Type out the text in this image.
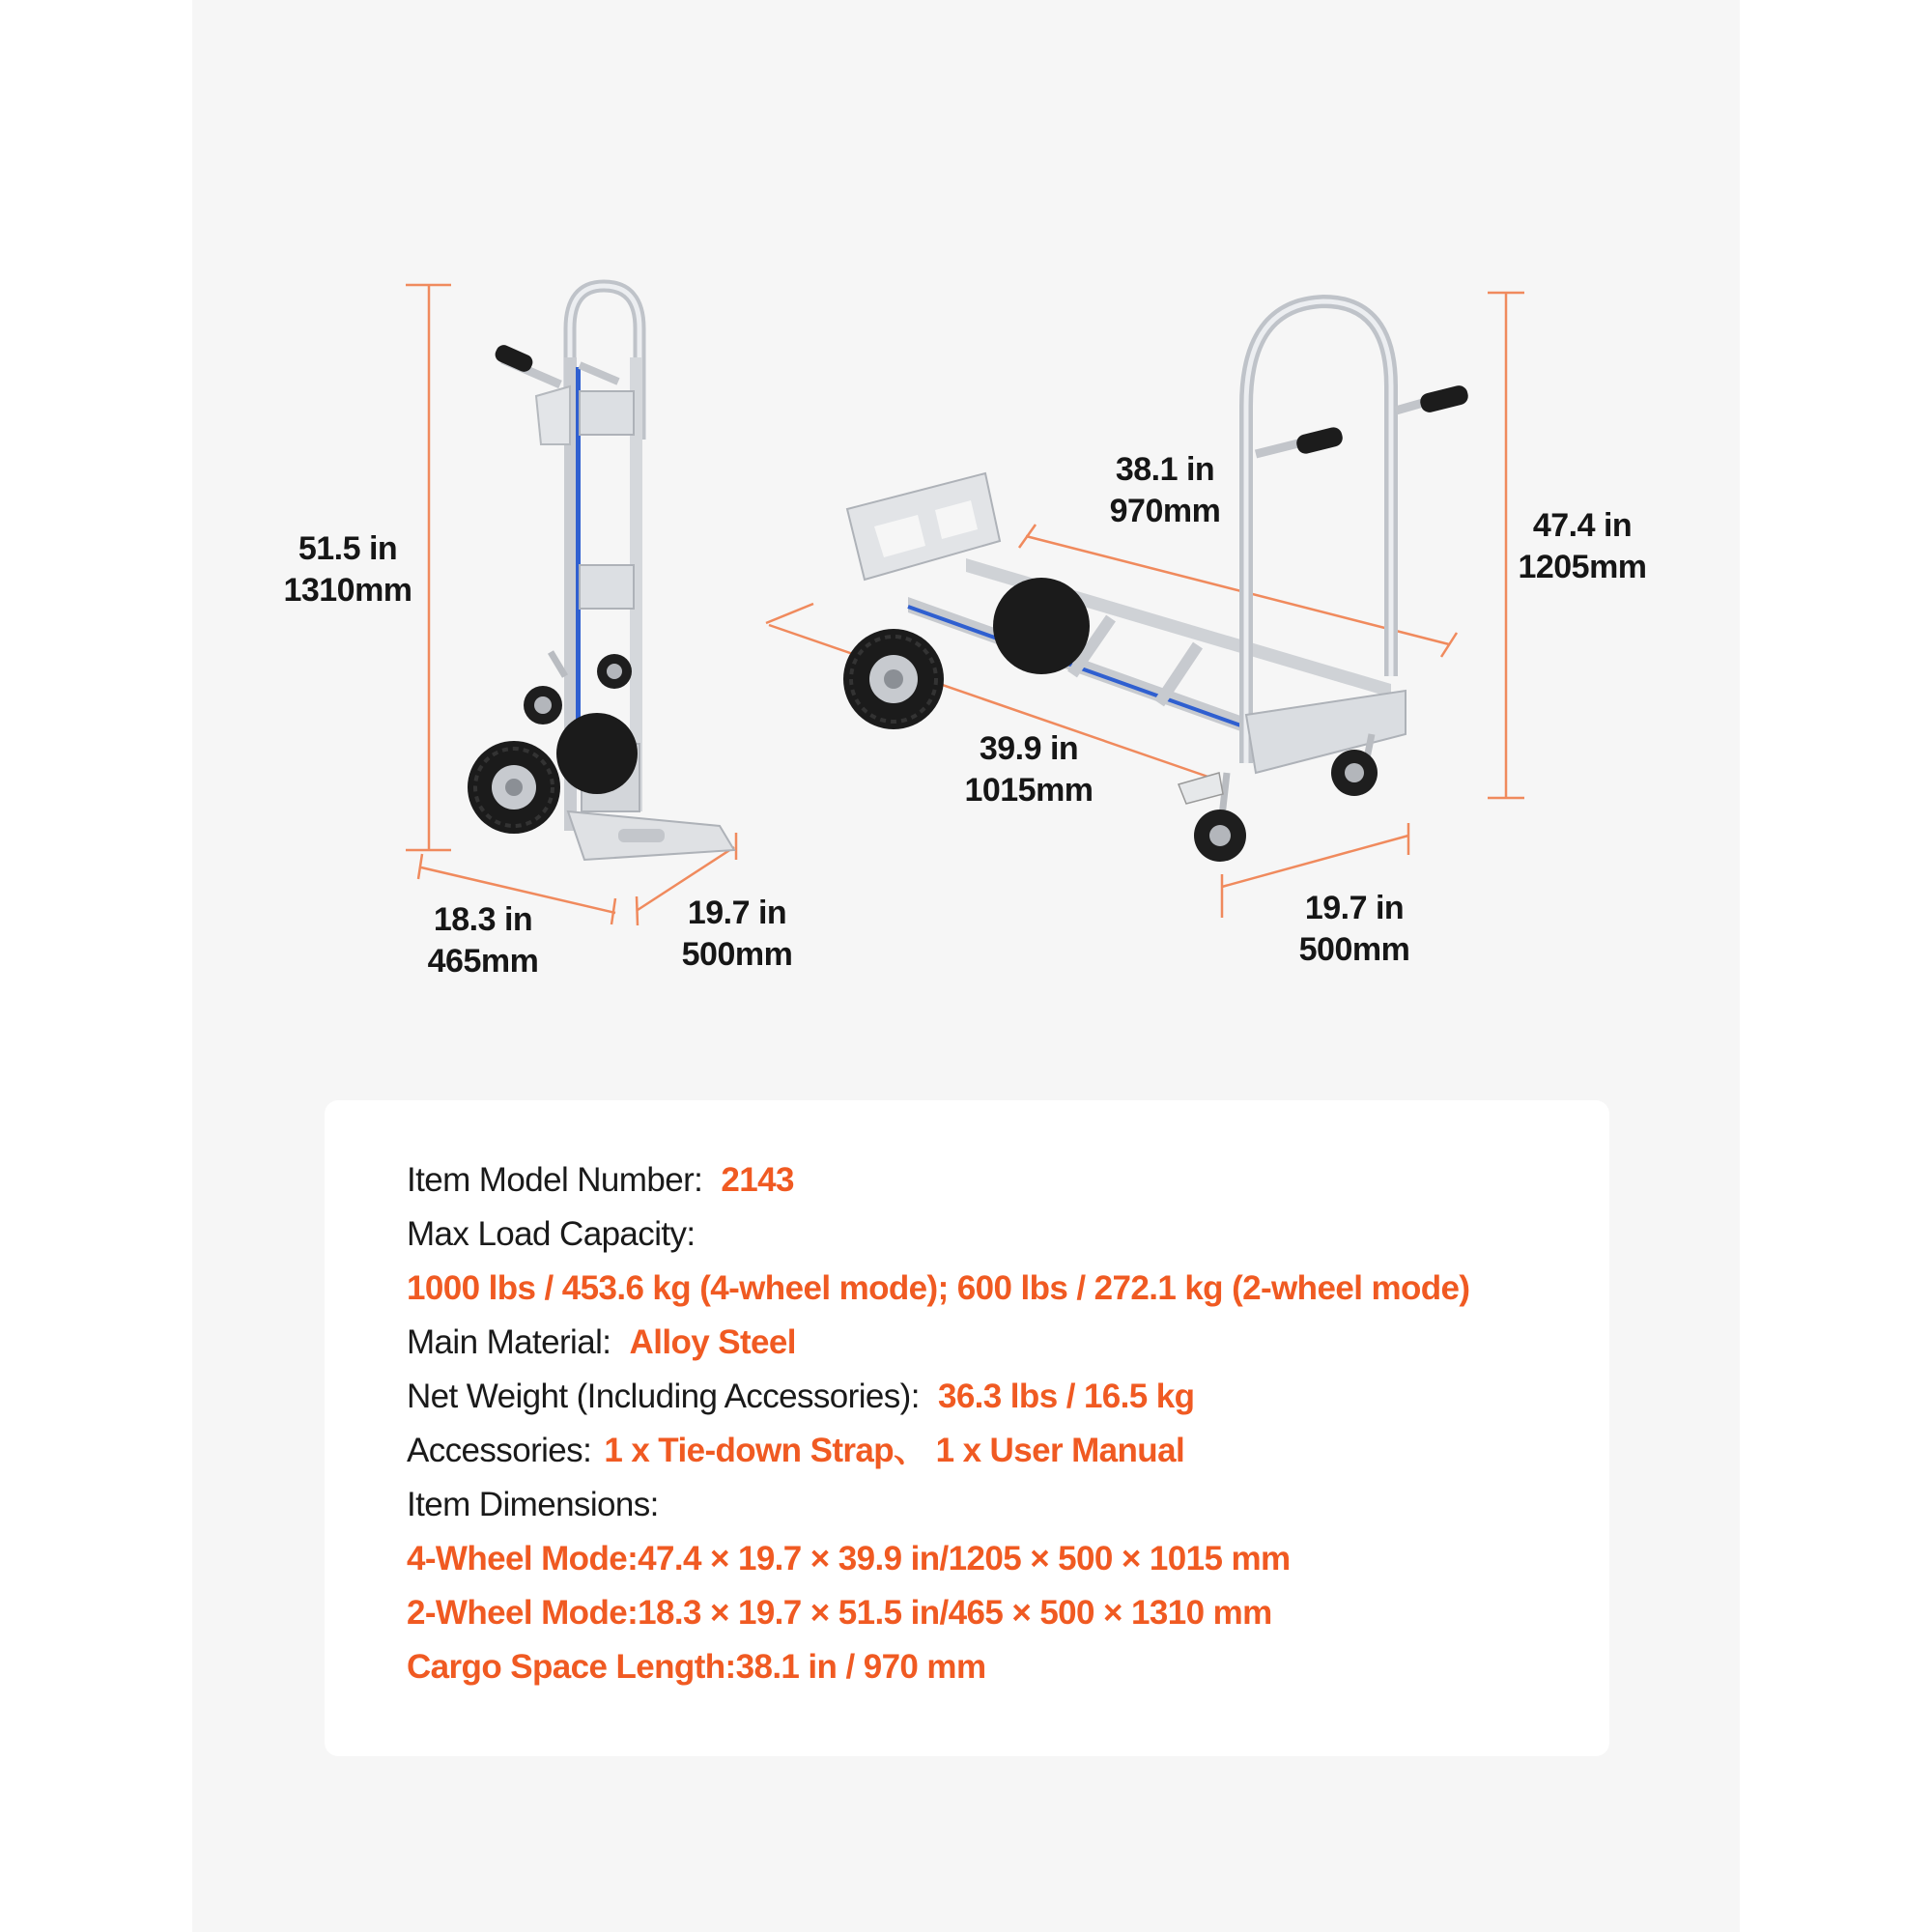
51.5 in
1310mm
18.3 in
465mm
19.7 in
500mm
38.1 in
970mm	47.4 in
1205mm
39.9 in
1015mm
19.7 in
500mm
Item Model Number: 2143
Max Load Capacity:
1000 lbs / 453.6 kg (4-wheel mode); 600 lbs / 272.1 kg (2-wheel mode)
Main Material: Alloy Steel
Net Weight (Including Accessories): 36.3 lbs / 16.5 kg
Accessories: 1 x Tie-down Strap、 1 x User Manual
Item Dimensions:
4-Wheel Mode:47.4 × 19.7 × 39.9 in/1205 × 500 × 1015 mm
2-Wheel Mode:18.3 × 19.7 × 51.5 in/465 × 500 × 1310 mm
Cargo Space Length:38.1 in / 970 mm
